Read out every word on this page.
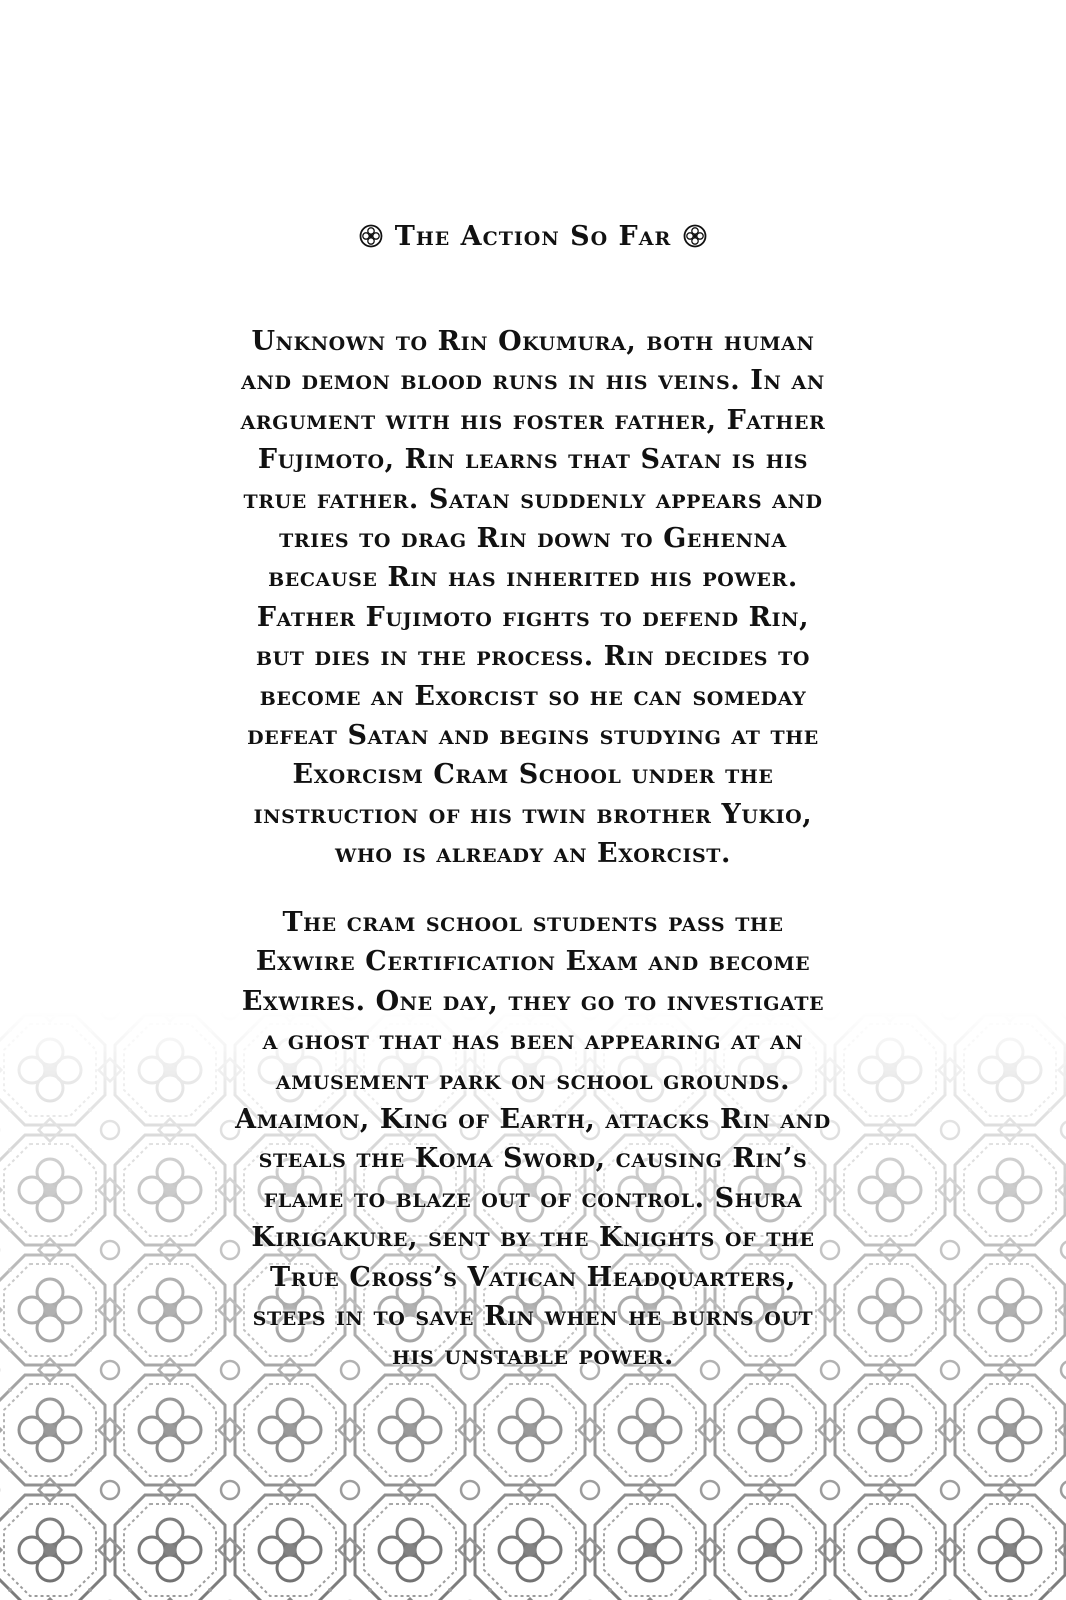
The Action So Far
Unknown to Rin Okumura, both human
and demon blood runs in his veins. In an
argument with his foster father, Father
Fujimoto, Rin learns that Satan is his
true father. Satan suddenly appears and
tries to drag Rin down to Gehenna
because Rin has inherited his power.
Father Fujimoto fights to defend Rin,
but dies in the process. Rin decides to
become an Exorcist so he can someday
defeat Satan and begins studying at the
Exorcism Cram School under the
instruction of his twin brother Yukio,
who is already an Exorcist.
The cram school students pass the
Exwire Certification Exam and become
Exwires. One day, they go to investigate
a ghost that has been appearing at an
amusement park on school grounds.
Amaimon, King of Earth, attacks Rin and
steals the Koma Sword, causing Rin’s
flame to blaze out of control. Shura
Kirigakure, sent by the Knights of the
True Cross’s Vatican Headquarters,
steps in to save Rin when he burns out
his unstable power.
